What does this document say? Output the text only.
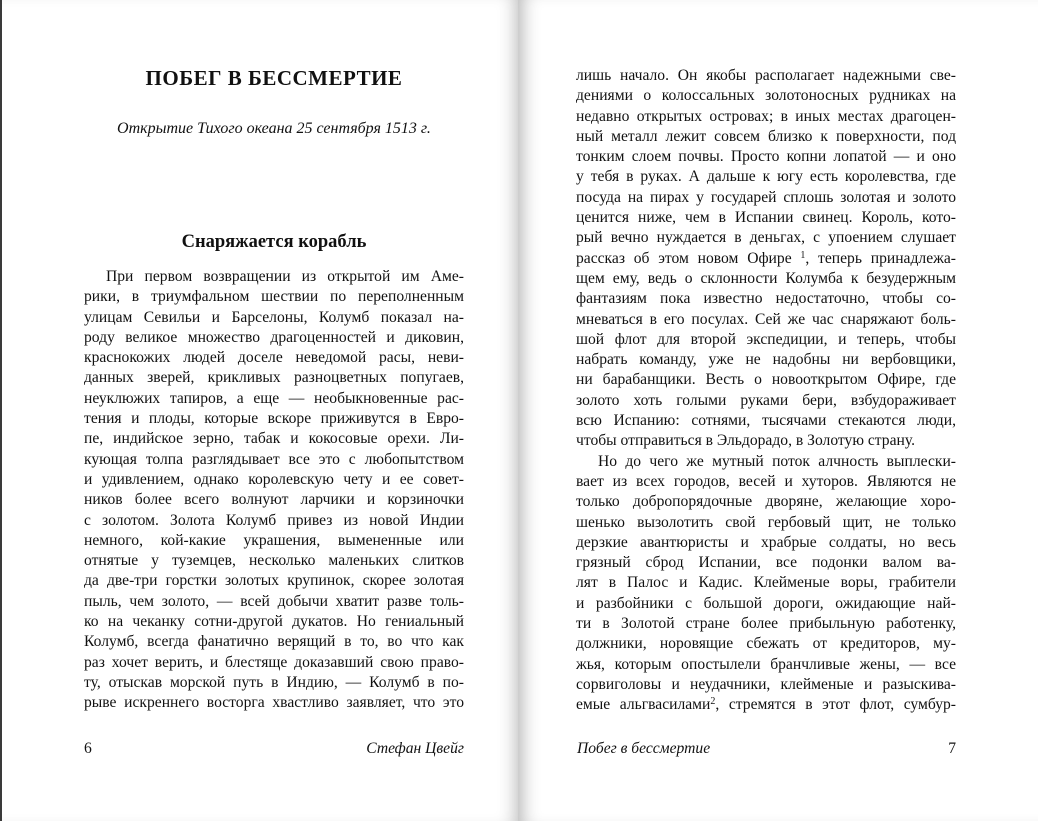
ПОБЕГ В БЕССМЕРТИЕ

Открытие Тихого океана 25 сентября 1513 г.

Снаряжается корабль
При первом возвращении из открытой им Аме-
рики, в триумфальном шествии по переполненным
улицам Севильи и Барселоны, Колумб показал на-
роду великое множество драгоценностей и диковин,
краснокожих людей доселе неведомой расы, неви-
данных зверей, крикливых разноцветных попугаев,
неуклюжих тапиров, а еще — необыкновенные рас-
тения и плоды, которые вскоре приживутся в Евро-
пе, индийское зерно, табак и кокосовые орехи. Ли-
кующая толпа разглядывает все это с любопытством
и удивлением, однако королевскую чету и ее совет-
ников более всего волнуют ларчики и корзиночки
с золотом. Золота Колумб привез из новой Индии
немного, кой-какие украшения, вымененные или
отнятые у туземцев, несколько маленьких слитков
да две-три горстки золотых крупинок, скорее золотая
пыль, чем золото, — всей добычи хватит разве толь-
ко на чеканку сотни-другой дукатов. Но гениальный
Колумб, всегда фанатично верящий в то, во что как
раз хочет верить, и блестяще доказавший свою право-
ту, отыскав морской путь в Индию, — Колумб в по-
рыве искреннего восторга хвастливо заявляет, что это
лишь начало. Он якобы располагает надежными све-
дениями о колоссальных золотоносных рудниках на
недавно открытых островах; в иных местах драгоцен-
ный металл лежит совсем близко к поверхности, под
тонким слоем почвы. Просто копни лопатой — и оно
у тебя в руках. А дальше к югу есть королевства, где
посуда на пирах у государей сплошь золотая и золото
ценится ниже, чем в Испании свинец. Король, кото-
рый вечно нуждается в деньгах, с упоением слушает
рассказ об этом новом Офире $^1$, теперь принадлежа-
щем ему, ведь о склонности Колумба к безудержным
фантазиям пока известно недостаточно, чтобы со-
мневаться в его посулах. Сей же час снаряжают боль-
шой флот для второй экспедиции, и теперь, чтобы
набрать команду, уже не надобны ни вербовщики,
ни барабанщики. Весть о новооткрытом Офире, где
золото хоть голыми руками бери, взбудораживает
всю Испанию: сотнями, тысячами стекаются люди,
чтобы отправиться в Эльдорадо, в Золотую страну.
Но до чего же мутный поток алчность выплески-
вает из всех городов, весей и хуторов. Являются не
только добропорядочные дворяне, желающие хоро-
шенько вызолотить свой гербовый щит, не только
дерзкие авантюристы и храбрые солдаты, но весь
грязный сброд Испании, все подонки валом ва-
лят в Палос и Кадис. Клейменые воры, грабители
и разбойники с большой дороги, ожидающие най-
ти в Золотой стране более прибыльную работенку,
должники, норовящие сбежать от кредиторов, му-
жья, которым опостылели бранчливые жены, — все
сорвиголовы и неудачники, клейменые и разыскива-
емые альгвасилами$^2$, стремятся в этот флот, сумбур-

6	Стефан Цвейг	Побег в бессмертие	7
